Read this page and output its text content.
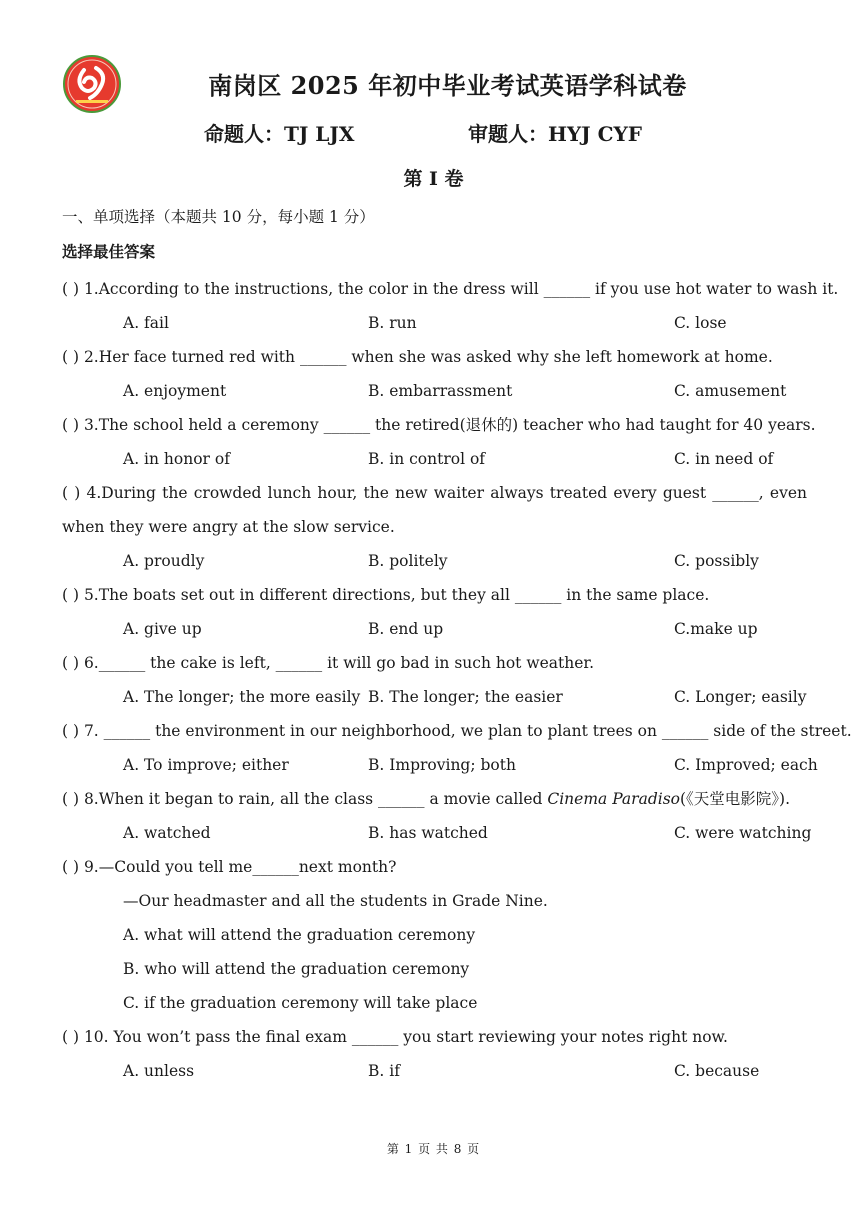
南岗区 2025 年初中毕业考试英语学科试卷
命题人：TJ LJX	审题人：HYJ CYF
第 I 卷
一、单项选择（本题共 10 分，每小题 1 分）
选择最佳答案
( ) 1.According to the instructions, the color in the dress will ______ if you use hot water to wash it.
A. fail	B. run	C. lose
( ) 2.Her face turned red with ______ when she was asked why she left homework at home.
A. enjoyment	B. embarrassment	C. amusement
( ) 3.The school held a ceremony ______ the retired(退休的) teacher who had taught for 40 years.
A. in honor of	B. in control of	C. in need of
( ) 4.During the crowded lunch hour, the new waiter always treated every guest ______, even when they were angry at the slow service.
A. proudly	B. politely	C. possibly
( ) 5.The boats set out in different directions, but they all ______ in the same place.
A. give up	B. end up	C.make up
( ) 6.______ the cake is left, ______ it will go bad in such hot weather.
A. The longer; the more easily B. The longer; the easier	C. Longer; easily
( ) 7. ______ the environment in our neighborhood, we plan to plant trees on ______ side of the street.
A. To improve; either	B. Improving; both	C. Improved; each
( ) 8.When it began to rain, all the class ______ a movie called Cinema Paradiso(《天堂电影院》).
A. watched	B. has watched	C. were watching
( ) 9.—Could you tell me______next month?
—Our headmaster and all the students in Grade Nine.
A. what will attend the graduation ceremony
B. who will attend the graduation ceremony
C. if the graduation ceremony will take place
( ) 10. You won’t pass the final exam ______ you start reviewing your notes right now.
A. unless	B. if	C. because
第 1 页 共 8 页
